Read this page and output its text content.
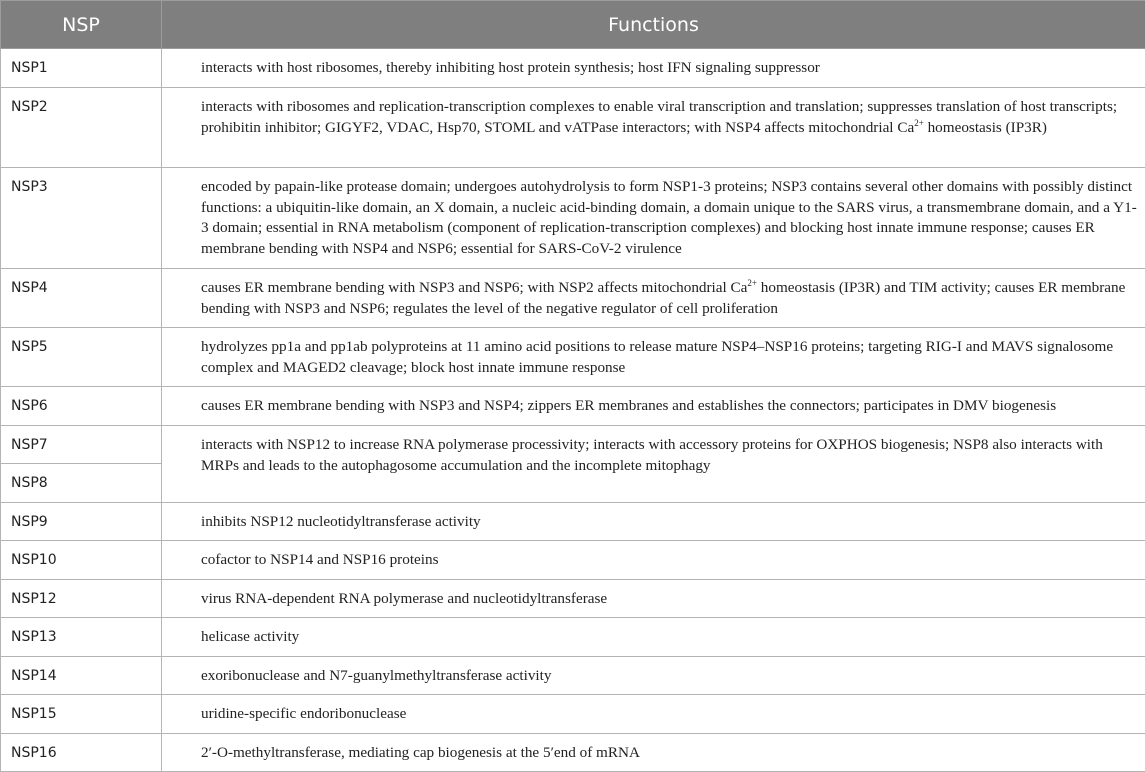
NSP	Functions
NSP1	interacts with host ribosomes, thereby inhibiting host protein synthesis; host IFN signaling suppressor
NSP2	interacts with ribosomes and replication-transcription complexes to enable viral transcription and translation; suppresses translation of host transcripts; prohibitin inhibitor; GIGYF2, VDAC, Hsp70, STOML and vATPase interactors; with NSP4 affects mitochondrial $Ca^{2+}$ homeostasis (IP3R)
NSP3	encoded by papain-like protease domain; undergoes autohydrolysis to form NSP1-3 proteins; NSP3 contains several other domains with possibly distinct functions: a ubiquitin-like domain, an X domain, a nucleic acid-binding domain, a domain unique to the SARS virus, a transmembrane domain, and a Y1-3 domain; essential in RNA metabolism (component of replication-transcription complexes) and blocking host innate immune response; causes ER membrane bending with NSP4 and NSP6; essential for SARS-CoV-2 virulence
NSP4	causes ER membrane bending with NSP3 and NSP6; with NSP2 affects mitochondrial $Ca^{2+}$ homeostasis (IP3R) and TIM activity; causes ER membrane bending with NSP3 and NSP6; regulates the level of the negative regulator of cell proliferation
NSP5	hydrolyzes pp1a and pp1ab polyproteins at 11 amino acid positions to release mature NSP4–NSP16 proteins; targeting RIG-I and MAVS signalosome complex and MAGED2 cleavage; block host innate immune response
NSP6	causes ER membrane bending with NSP3 and NSP4; zippers ER membranes and establishes the connectors; participates in DMV biogenesis
NSP7	interacts with NSP12 to increase RNA polymerase processivity; interacts with accessory proteins for OXPHOS biogenesis; NSP8 also interacts with MRPs and leads to the autophagosome accumulation and the incomplete mitophagy
NSP8	
NSP9	inhibits NSP12 nucleotidyltransferase activity
NSP10	cofactor to NSP14 and NSP16 proteins
NSP12	virus RNA-dependent RNA polymerase and nucleotidyltransferase
NSP13	helicase activity
NSP14	exoribonuclease and N7-guanylmethyltransferase activity
NSP15	uridine-specific endoribonuclease
NSP16	2′-O-methyltransferase, mediating cap biogenesis at the 5′end of mRNA
